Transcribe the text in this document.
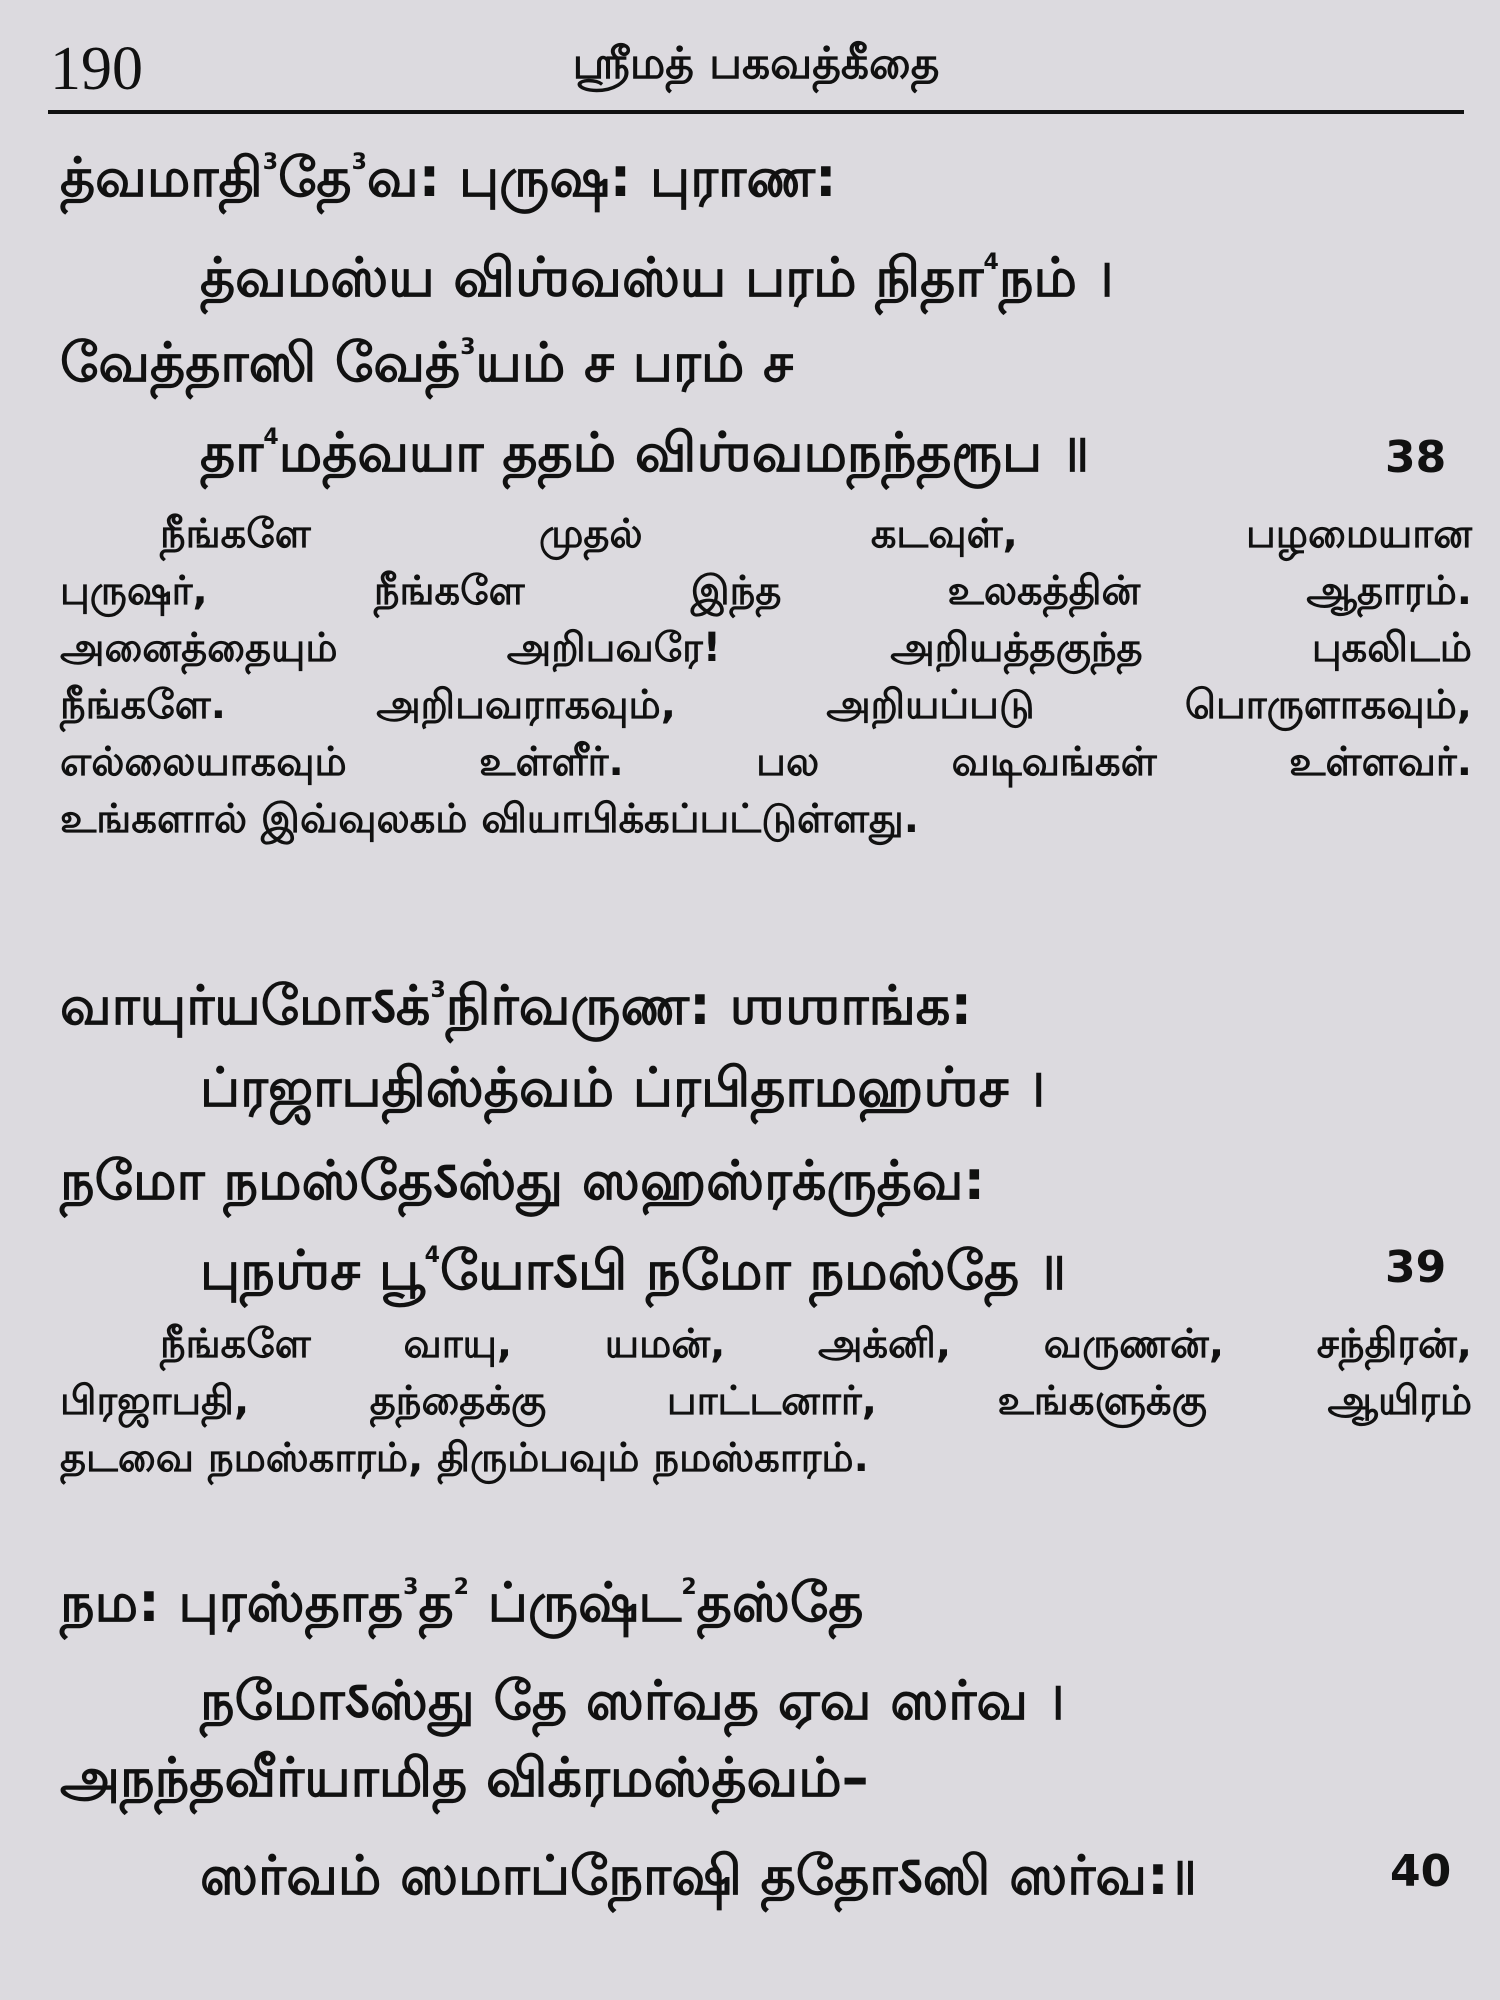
190	ஸ்ரீமத் பகவத்கீதை
த்வமாதி$^3$தே$^3$வ: புருஷ: புராண:
த்வமஸ்ய விஶ்வஸ்ய பரம் நிதா$^4$நம் ।
வேத்தாஸி வேத்$^3$யம் ச பரம் ச
தா$^4$மத்வயா ததம் விஶ்வமநந்தரூப ॥	38
நீங்களே முதல் கடவுள், பழமையான
புருஷர், நீங்களே இந்த உலகத்தின் ஆதாரம்.
அனைத்தையும் அறிபவரே! அறியத்தகுந்த புகலிடம்
நீங்களே. அறிபவராகவும், அறியப்படு பொருளாகவும்,
எல்லையாகவும் உள்ளீர். பல வடிவங்கள் உள்ளவர்.
உங்களால் இவ்வுலகம் வியாபிக்கப்பட்டுள்ளது.
வாயுர்யமோऽக்$^3$நிர்வருண: ஶஶாங்க:
ப்ரஜாபதிஸ்த்வம் ப்ரபிதாமஹஶ்ச ।
நமோ நமஸ்தேऽஸ்து ஸஹஸ்ரக்ருத்வ:
புநஶ்ச பூ$^4$யோऽபி நமோ நமஸ்தே ॥	39
நீங்களே வாயு, யமன், அக்னி, வருணன், சந்திரன்,
பிரஜாபதி, தந்தைக்கு பாட்டனார், உங்களுக்கு ஆயிரம்
தடவை நமஸ்காரம், திரும்பவும் நமஸ்காரம்.
நம: புரஸ்தாத$^3$த$^2$ ப்ருஷ்ட$^2$தஸ்தே
நமோऽஸ்து தே ஸர்வத ஏவ ஸர்வ ।
அநந்தவீர்யாமித விக்ரமஸ்த்வம்–
ஸர்வம் ஸமாப்நோஷி ததோऽஸி ஸர்வ:॥	40
